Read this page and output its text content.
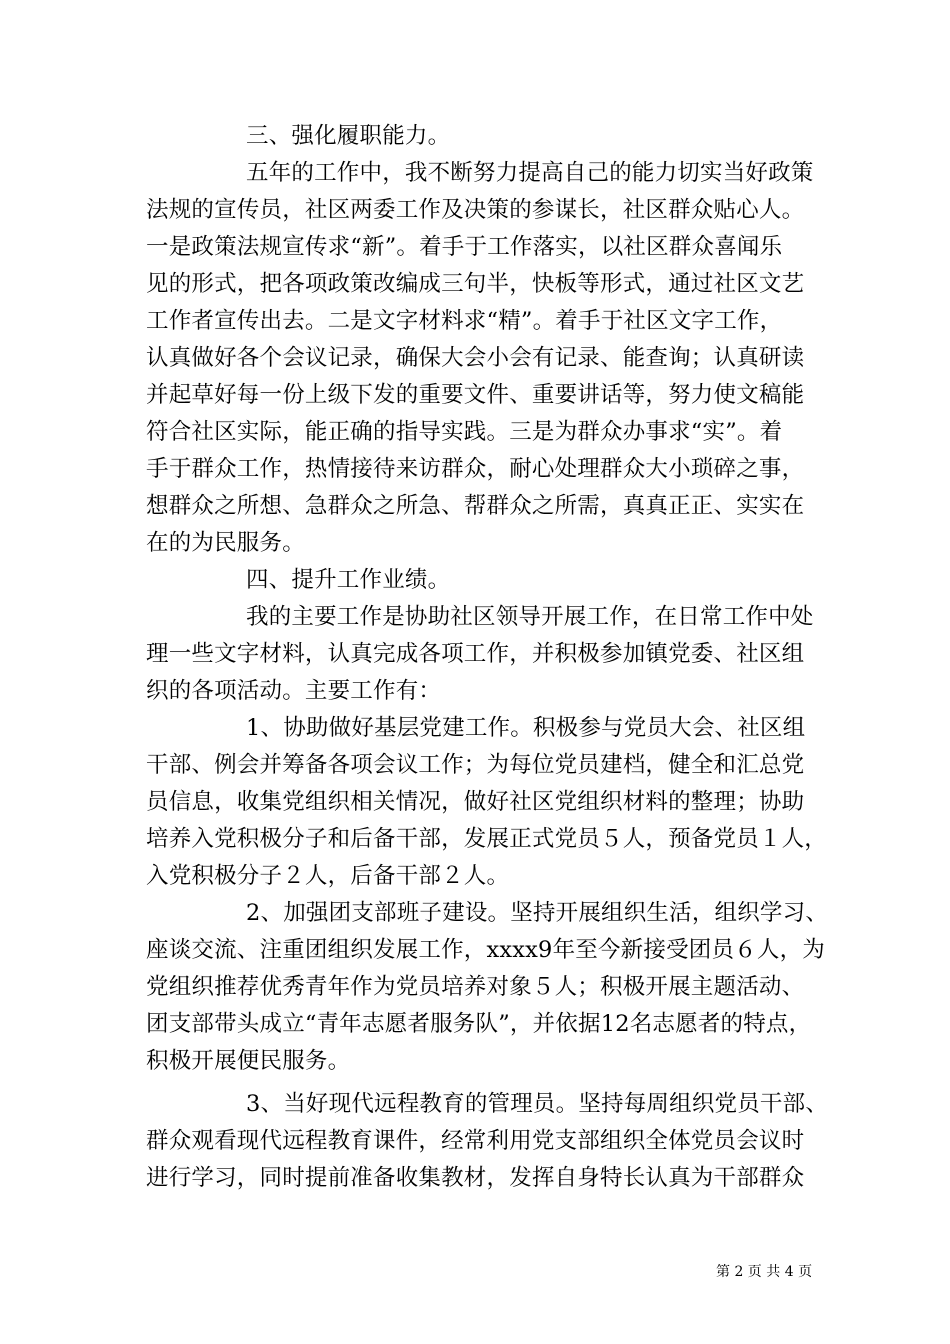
三、强化履职能力。
五年的工作中，我不断努力提高自己的能力切实当好政策
法规的宣传员，社区两委工作及决策的参谋长，社区群众贴心人。
一是政策法规宣传求“新”。着手于工作落实，以社区群众喜闻乐
见的形式，把各项政策改编成三句半，快板等形式，通过社区文艺
工作者宣传出去。二是文字材料求“精”。着手于社区文字工作，
认真做好各个会议记录，确保大会小会有记录、能查询；认真研读
并起草好每一份上级下发的重要文件、重要讲话等，努力使文稿能
符合社区实际，能正确的指导实践。三是为群众办事求“实”。着
手于群众工作，热情接待来访群众，耐心处理群众大小琐碎之事，
想群众之所想、急群众之所急、帮群众之所需，真真正正、实实在
在的为民服务。
四、提升工作业绩。
我的主要工作是协助社区领导开展工作，在日常工作中处
理一些文字材料，认真完成各项工作，并积极参加镇党委、社区组
织的各项活动。主要工作有：
1、协助做好基层党建工作。积极参与党员大会、社区组
干部、例会并筹备各项会议工作；为每位党员建档，健全和汇总党
员信息，收集党组织相关情况，做好社区党组织材料的整理；协助
培养入党积极分子和后备干部，发展正式党员５人，预备党员１人，
入党积极分子２人，后备干部２人。
2、加强团支部班子建设。坚持开展组织生活，组织学习、
座谈交流、注重团组织发展工作，xxxx9年至今新接受团员６人，为
党组织推荐优秀青年作为党员培养对象５人；积极开展主题活动、
团支部带头成立“青年志愿者服务队”，并依据12名志愿者的特点，
积极开展便民服务。
3、当好现代远程教育的管理员。坚持每周组织党员干部、
群众观看现代远程教育课件，经常利用党支部组织全体党员会议时
进行学习，同时提前准备收集教材，发挥自身特长认真为干部群众
第 2 页 共 4 页
